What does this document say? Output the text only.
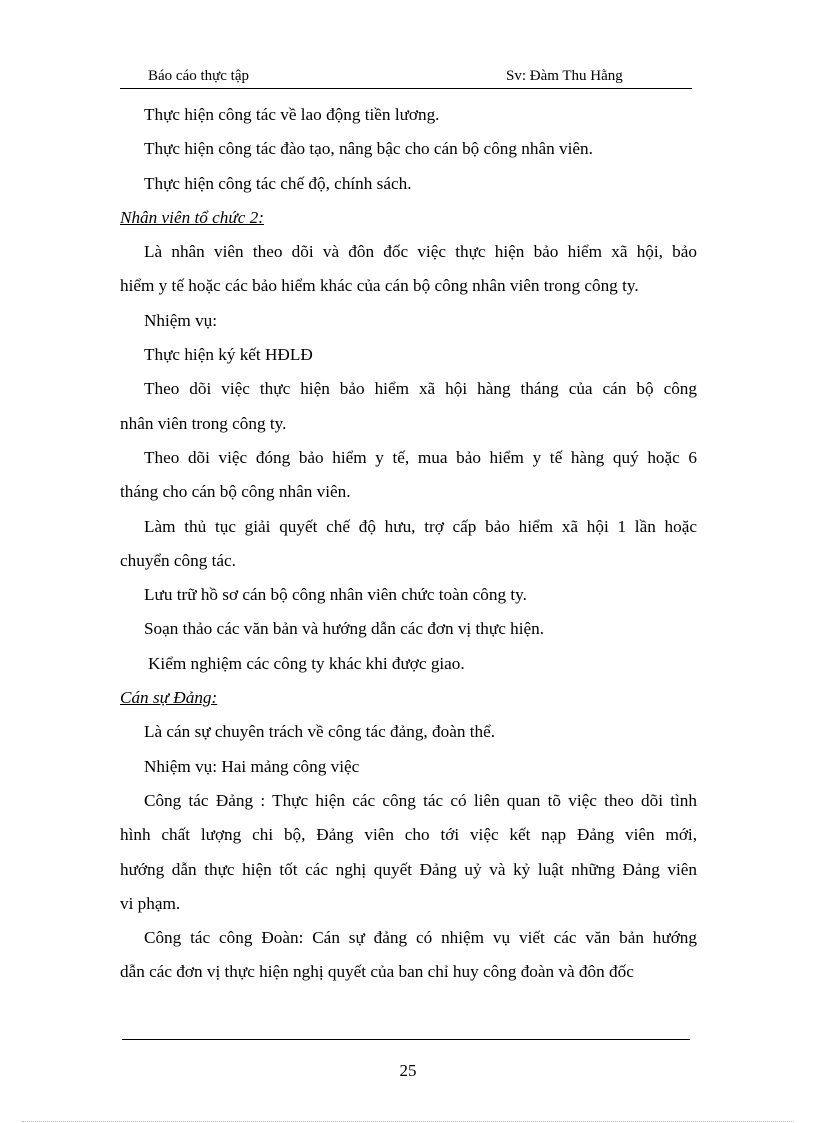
Báo cáo thực tập	Sv: Đàm Thu Hằng
Thực hiện công tác về lao động tiền lương.
Thực hiện công tác đào tạo, nâng bậc cho cán bộ công nhân viên.
Thực hiện công tác chế độ, chính sách.
Nhân viên tổ chức 2:
Là nhân viên theo dõi và đôn đốc việc thực hiện bảo hiểm xã hội, bảo
hiểm y tế hoặc các bảo hiểm khác của cán bộ công nhân viên trong công ty.
Nhiệm vụ:
Thực hiện ký kết HĐLĐ
Theo dõi việc thực hiện bảo hiểm xã hội hàng tháng của cán bộ công
nhân viên trong công ty.
Theo dõi việc đóng bảo hiểm y tế, mua bảo hiểm y tế hàng quý hoặc 6
tháng cho cán bộ công nhân viên.
Làm thủ tục giải quyết chế độ hưu, trợ cấp bảo hiểm xã hội 1 lần hoặc
chuyển công tác.
Lưu trữ hồ sơ cán bộ công nhân viên chức toàn công ty.
Soạn thảo các văn bản và hướng dẫn các đơn vị thực hiện.
Kiểm nghiệm các công ty khác khi được giao.
Cán sự Đảng:
Là cán sự chuyên trách về công tác đảng, đoàn thể.
Nhiệm vụ: Hai mảng công việc
Công tác Đảng : Thực hiện các công tác có liên quan tõ việc theo dõi tình
hình chất lượng chi bộ, Đảng viên cho tới việc kết nạp Đảng viên mới,
hướng dẫn thực hiện tốt các nghị quyết Đảng uỷ và kỷ luật những Đảng viên
vi phạm.
Công tác công Đoàn: Cán sự đảng có nhiệm vụ viết các văn bản hướng
dẫn các đơn vị thực hiện nghị quyết của ban chỉ huy công đoàn và đôn đốc
25
